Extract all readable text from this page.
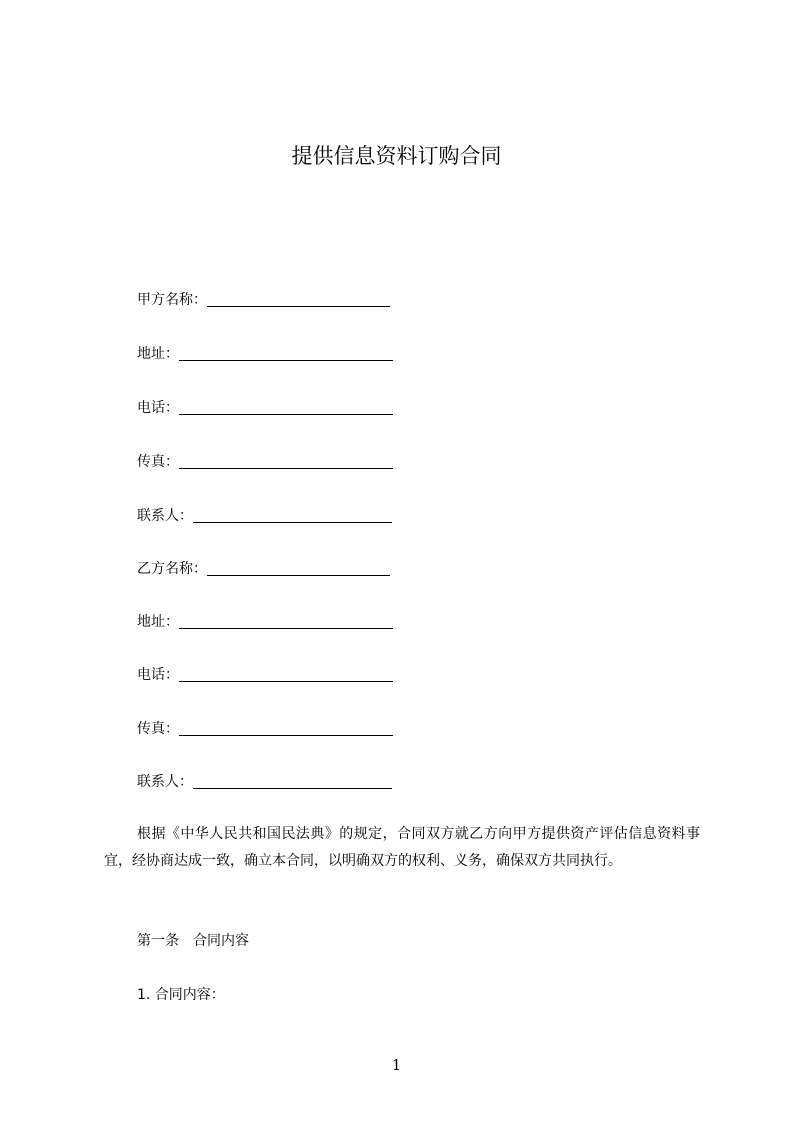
提供信息资料订购合同
甲方名称：
地址：
电话：
传真：
联系人：
乙方名称：
地址：
电话：
传真：
联系人：
根据《中华人民共和国民法典》的规定，合同双方就乙方向甲方提供资产评估信息资料事宜，经协商达成一致，确立本合同，以明确双方的权利、义务，确保双方共同执行。
第一条　合同内容
1. 合同内容：
1
